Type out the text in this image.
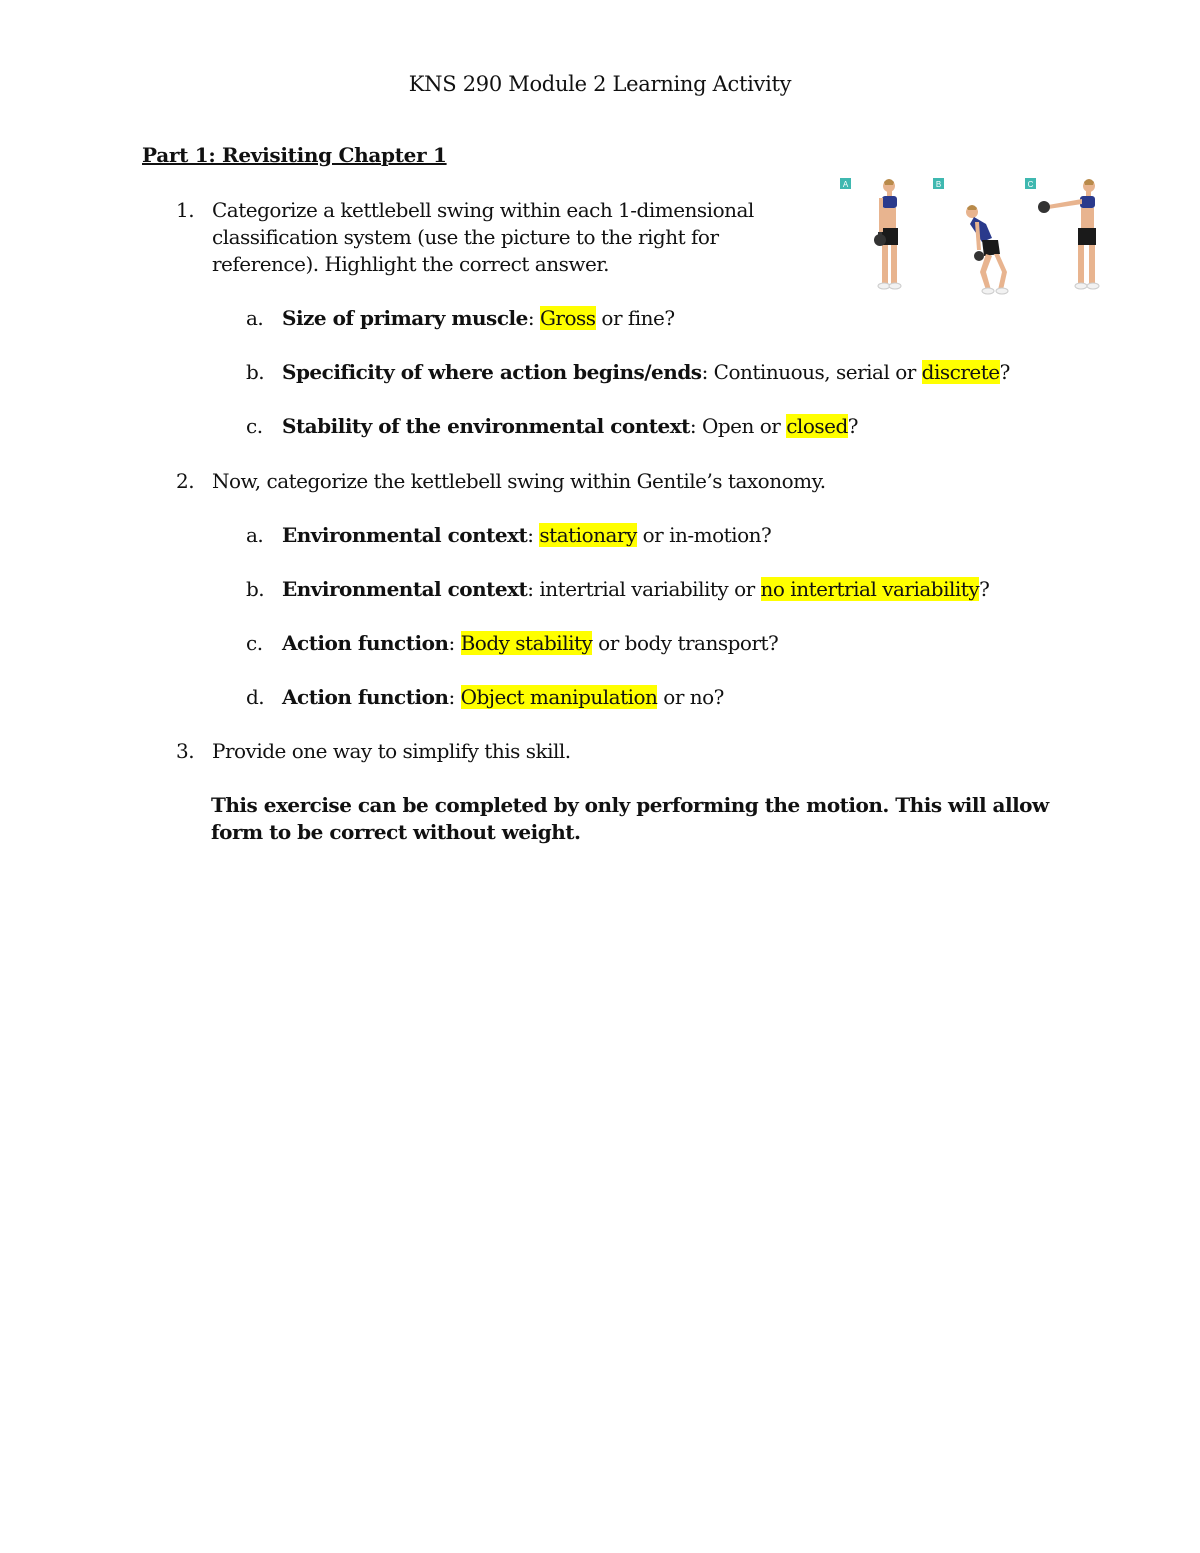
KNS 290 Module 2 Learning Activity
Part 1: Revisiting Chapter 1
A	B	C
1. Categorize a kettlebell swing within each 1-dimensional
classification system (use the picture to the right for
reference). Highlight the correct answer.
a. Size of primary muscle: Gross or fine?
b. Specificity of where action begins/ends: Continuous, serial or discrete?
c. Stability of the environmental context: Open or closed?
2. Now, categorize the kettlebell swing within Gentile’s taxonomy.
a. Environmental context: stationary or in-motion?
b. Environmental context: intertrial variability or no intertrial variability?
c. Action function: Body stability or body transport?
d. Action function: Object manipulation or no?
3. Provide one way to simplify this skill.
This exercise can be completed by only performing the motion. This will allow form to be correct without weight.
